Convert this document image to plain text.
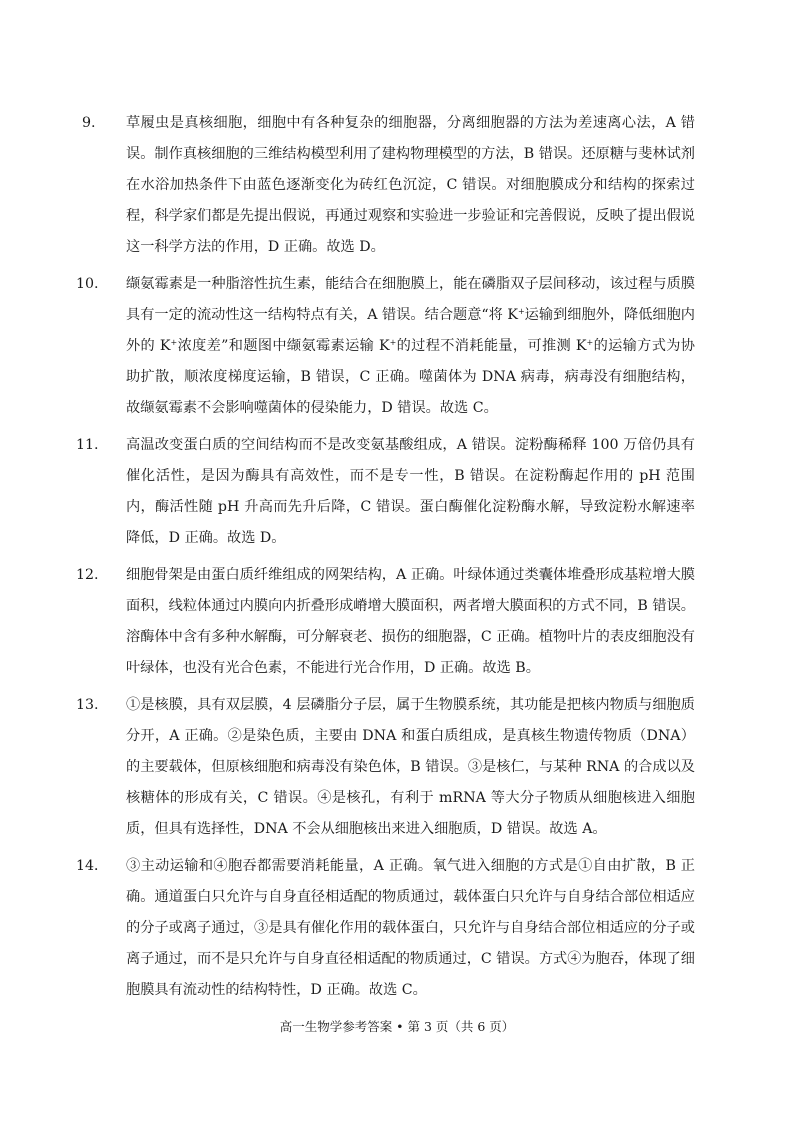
9.	草履虫是真核细胞，细胞中有各种复杂的细胞器，分离细胞器的方法为差速离心法，A 错误。制作真核细胞的三维结构模型利用了建构物理模型的方法，B 错误。还原糖与斐林试剂在水浴加热条件下由蓝色逐渐变化为砖红色沉淀，C 错误。对细胞膜成分和结构的探索过程，科学家们都是先提出假说，再通过观察和实验进一步验证和完善假说，反映了提出假说这一科学方法的作用，D 正确。故选 D。
10.	缬氨霉素是一种脂溶性抗生素，能结合在细胞膜上，能在磷脂双子层间移动，该过程与质膜具有一定的流动性这一结构特点有关，A 错误。结合题意“将 K+运输到细胞外，降低细胞内外的 K+浓度差”和题图中缬氨霉素运输 K+的过程不消耗能量，可推测 K+的运输方式为协助扩散，顺浓度梯度运输，B 错误，C 正确。噬菌体为 DNA 病毒，病毒没有细胞结构，故缬氨霉素不会影响噬菌体的侵染能力，D 错误。故选 C。
11.	高温改变蛋白质的空间结构而不是改变氨基酸组成，A 错误。淀粉酶稀释 100 万倍仍具有催化活性，是因为酶具有高效性，而不是专一性，B 错误。在淀粉酶起作用的 pH 范围内，酶活性随 pH 升高而先升后降，C 错误。蛋白酶催化淀粉酶水解，导致淀粉水解速率降低，D 正确。故选 D。
12.	细胞骨架是由蛋白质纤维组成的网架结构，A 正确。叶绿体通过类囊体堆叠形成基粒增大膜面积，线粒体通过内膜向内折叠形成嵴增大膜面积，两者增大膜面积的方式不同，B 错误。溶酶体中含有多种水解酶，可分解衰老、损伤的细胞器，C 正确。植物叶片的表皮细胞没有叶绿体，也没有光合色素，不能进行光合作用，D 正确。故选 B。
13.	①是核膜，具有双层膜，4 层磷脂分子层，属于生物膜系统，其功能是把核内物质与细胞质分开，A 正确。②是染色质，主要由 DNA 和蛋白质组成，是真核生物遗传物质（DNA）的主要载体，但原核细胞和病毒没有染色体，B 错误。③是核仁，与某种 RNA 的合成以及核糖体的形成有关，C 错误。④是核孔，有利于 mRNA 等大分子物质从细胞核进入细胞质，但具有选择性，DNA 不会从细胞核出来进入细胞质，D 错误。故选 A。
14．	③主动运输和④胞吞都需要消耗能量，A 正确。氧气进入细胞的方式是①自由扩散，B 正确。通道蛋白只允许与自身直径相适配的物质通过，载体蛋白只允许与自身结合部位相适应的分子或离子通过，③是具有催化作用的载体蛋白，只允许与自身结合部位相适应的分子或离子通过，而不是只允许与自身直径相适配的物质通过，C 错误。方式④为胞吞，体现了细胞膜具有流动性的结构特性，D 正确。故选 C。
高一生物学参考答案 • 第 3 页（共 6 页）
